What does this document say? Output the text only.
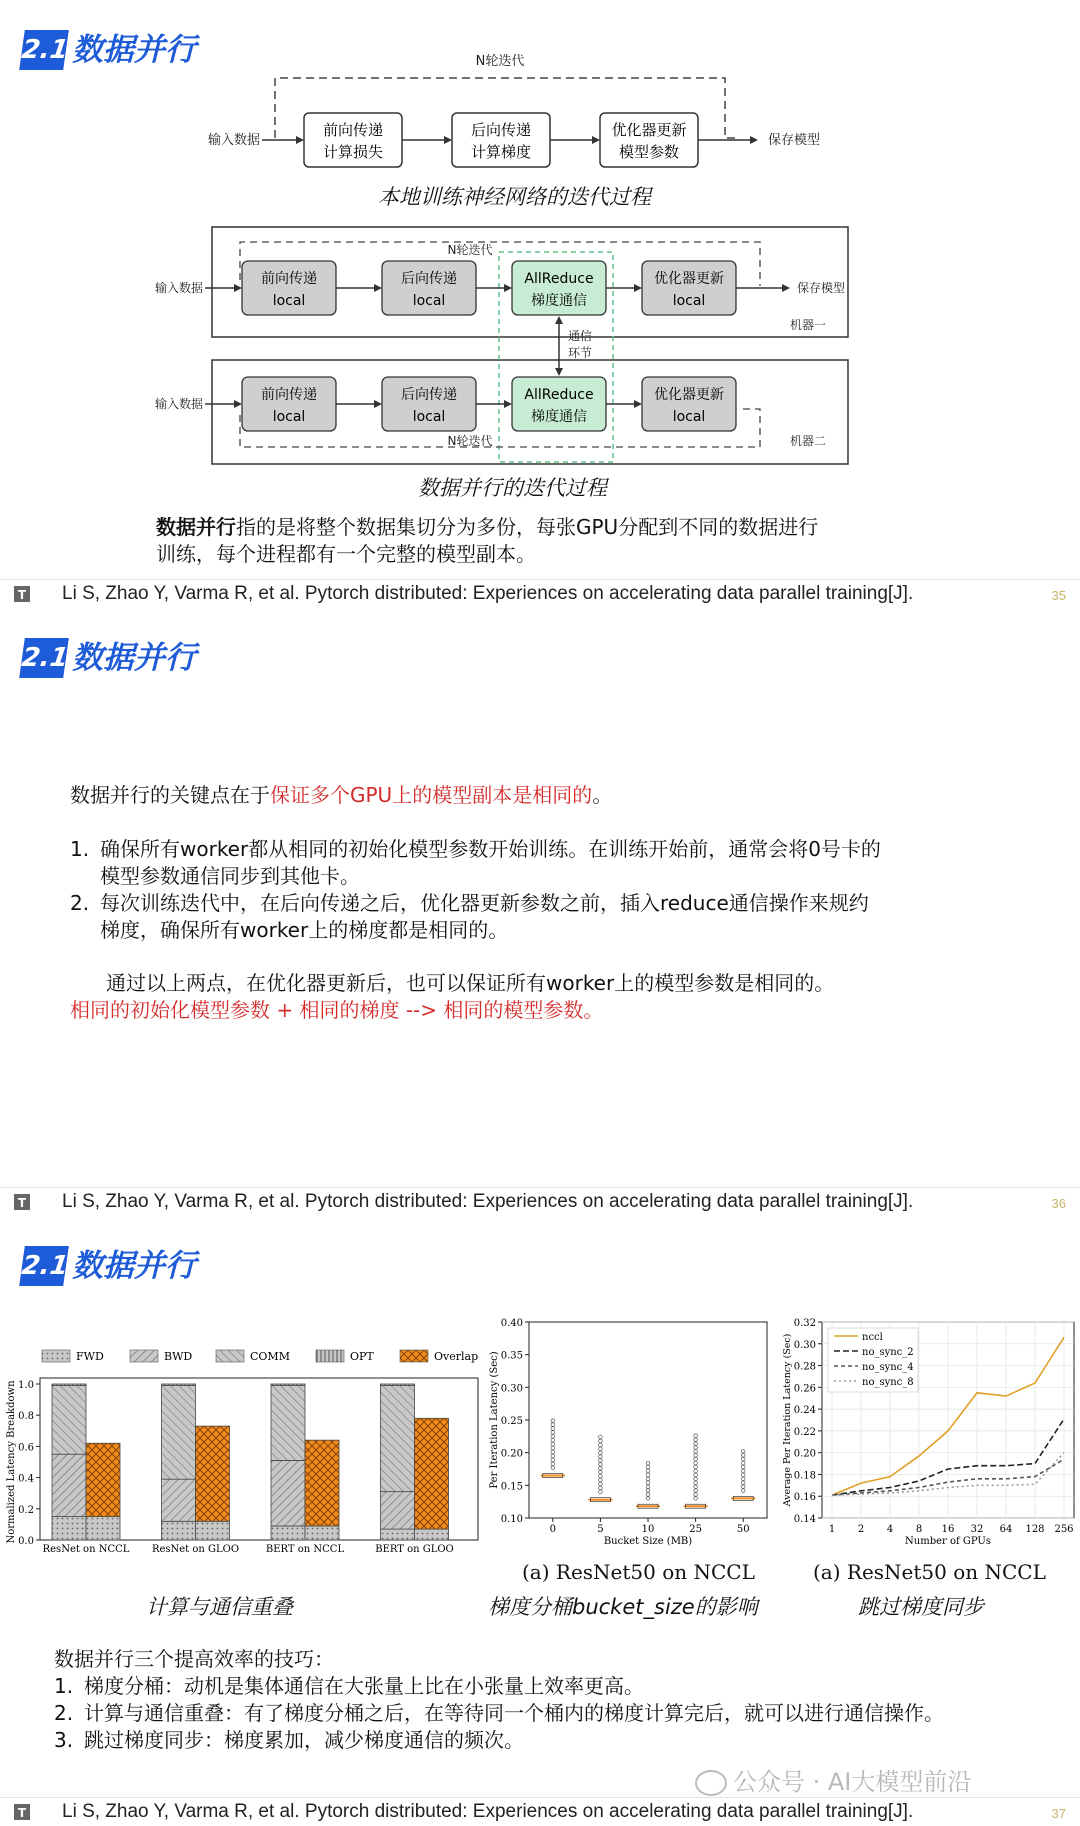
2.1 数据并行	N轮迭代
输入数据
前向传递
计算损失
后向传递
计算梯度
优化器更新
模型参数
保存模型
本地训练神经网络的迭代过程
机器一
机器二
N轮迭代
N轮迭代
输入数据
输入数据
保存模型
前向传递
local
后向传递
local
AllReduce
梯度通信
优化器更新
local
通信
环节
前向传递
local
后向传递
local
AllReduce
梯度通信
优化器更新
local
数据并行的迭代过程
数据并行指的是将整个数据集切分为多份，每张GPU分配到不同的数据进行
训练，每个进程都有一个完整的模型副本。
T Li S, Zhao Y, Varma R, et al. Pytorch distributed: Experiences on accelerating data parallel training[J].	35
2.1 数据并行
数据并行的关键点在于保证多个GPU上的模型副本是相同的。
1. 确保所有worker都从相同的初始化模型参数开始训练。在训练开始前，通常会将0号卡的
模型参数通信同步到其他卡。
2. 每次训练迭代中，在后向传递之后，优化器更新参数之前，插入reduce通信操作来规约
梯度，确保所有worker上的梯度都是相同的。
通过以上两点，在优化器更新后，也可以保证所有worker上的模型参数是相同的。
相同的初始化模型参数 + 相同的梯度 --> 相同的模型参数。
T Li S, Zhao Y, Varma R, et al. Pytorch distributed: Experiences on accelerating data parallel training[J].	36
2.1 数据并行
FWD	BWD	COMM	OPT	Overlap
0.0
0.2
0.4
0.6
0.8
1.0
Normalized Latency Breakdown
ResNet on NCCL ResNet on GLOO	BERT on NCCL	BERT on GLOO
0.10
0.15
0.20
0.25
0.30
0.35
0.40
Per Iteration Latency (Sec)
Bucket Size (MB)
0	5	10	25	50
0.14
0.16
0.18
0.20
0.22
0.24
0.26
0.28
0.30
0.32
1 2 4 8 16 32 64 128 256
Average Per Iteration Latency (Sec)
Number of GPUs
nccl
no_sync_2
no_sync_4
no_sync_8
(a) ResNet50 on NCCL	(a) ResNet50 on NCCL
计算与通信重叠	梯度分桶bucket_size的影响	跳过梯度同步
数据并行三个提高效率的技巧：
1. 梯度分桶：动机是集体通信在大张量上比在小张量上效率更高。
2. 计算与通信重叠：有了梯度分桶之后，在等待同一个桶内的梯度计算完后，就可以进行通信操作。
3. 跳过梯度同步：梯度累加，减少梯度通信的频次。
公众号 · AI大模型前沿
T Li S, Zhao Y, Varma R, et al. Pytorch distributed: Experiences on accelerating data parallel training[J].	37
